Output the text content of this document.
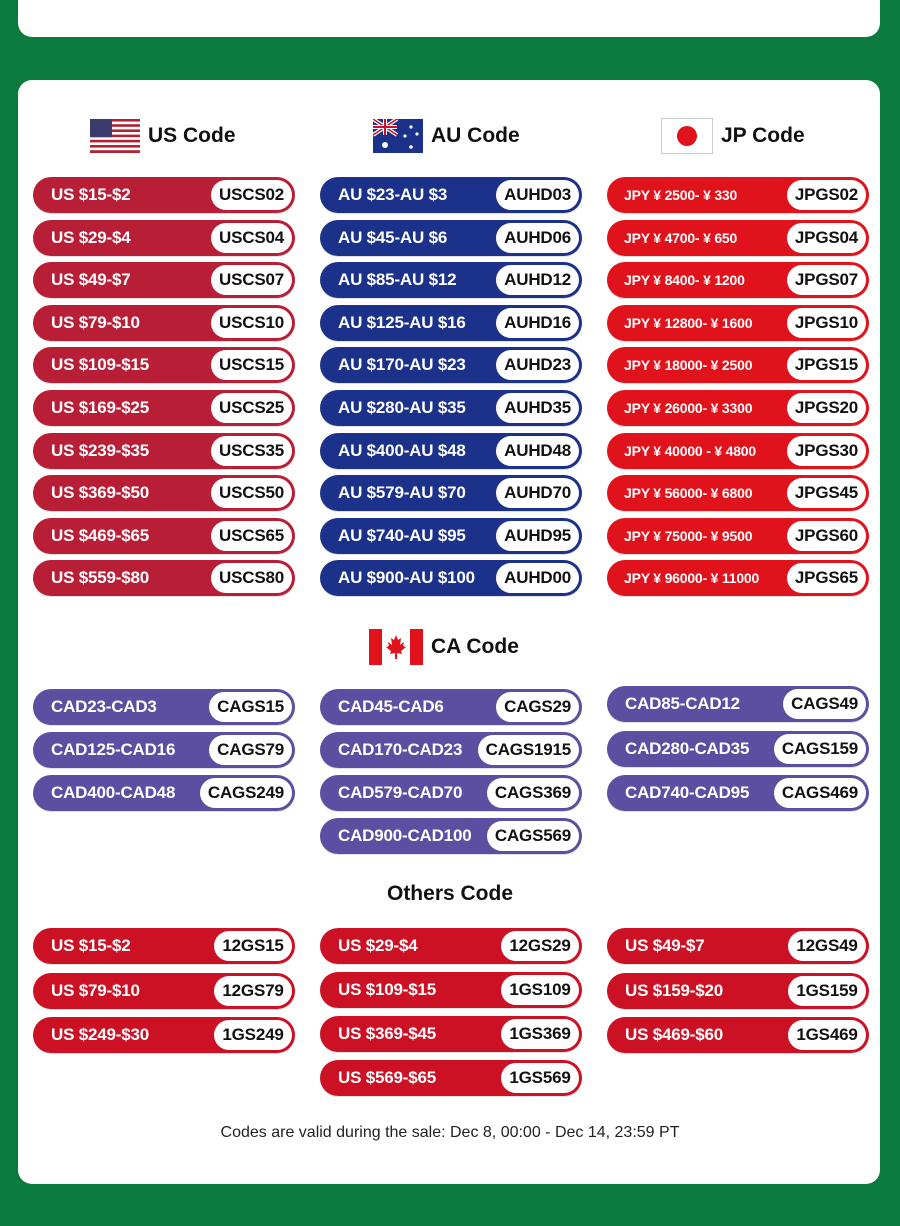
US Code	AU Code	JP Code
CA Code
Others Code
US $15-$2	USCS02
US $29-$4	USCS04
US $49-$7	USCS07
US $79-$10	USCS10
US $109-$15	USCS15
US $169-$25	USCS25
US $239-$35	USCS35
US $369-$50	USCS50
US $469-$65	USCS65
US $559-$80	USCS80
AU $23-AU $3	AUHD03
AU $45-AU $6	AUHD06
AU $85-AU $12	AUHD12
AU $125-AU $16	AUHD16
AU $170-AU $23	AUHD23
AU $280-AU $35	AUHD35
AU $400-AU $48	AUHD48
AU $579-AU $70	AUHD70
AU $740-AU $95	AUHD95
AU $900-AU $100	AUHD00
JPY ¥ 2500- ¥ 330	JPGS02
JPY ¥ 4700- ¥ 650	JPGS04
JPY ¥ 8400- ¥ 1200	JPGS07
JPY ¥ 12800- ¥ 1600	JPGS10
JPY ¥ 18000- ¥ 2500	JPGS15
JPY ¥ 26000- ¥ 3300	JPGS20
JPY ¥ 40000 - ¥ 4800	JPGS30
JPY ¥ 56000- ¥ 6800	JPGS45
JPY ¥ 75000- ¥ 9500	JPGS60
JPY ¥ 96000- ¥ 11000	JPGS65
CAD23-CAD3	CAGS15
CAD125-CAD16	CAGS79
CAD400-CAD48	CAGS249
CAD45-CAD6	CAGS29
CAD170-CAD23	CAGS1915
CAD579-CAD70	CAGS369
CAD900-CAD100	CAGS569
CAD85-CAD12	CAGS49
CAD280-CAD35	CAGS159
CAD740-CAD95	CAGS469
US $15-$2	12GS15
US $79-$10	12GS79
US $249-$30	1GS249
US $29-$4	12GS29
US $109-$15	1GS109
US $369-$45	1GS369
US $569-$65	1GS569
US $49-$7	12GS49
US $159-$20	1GS159
US $469-$60	1GS469
Codes are valid during the sale: Dec 8, 00:00 - Dec 14, 23:59 PT
